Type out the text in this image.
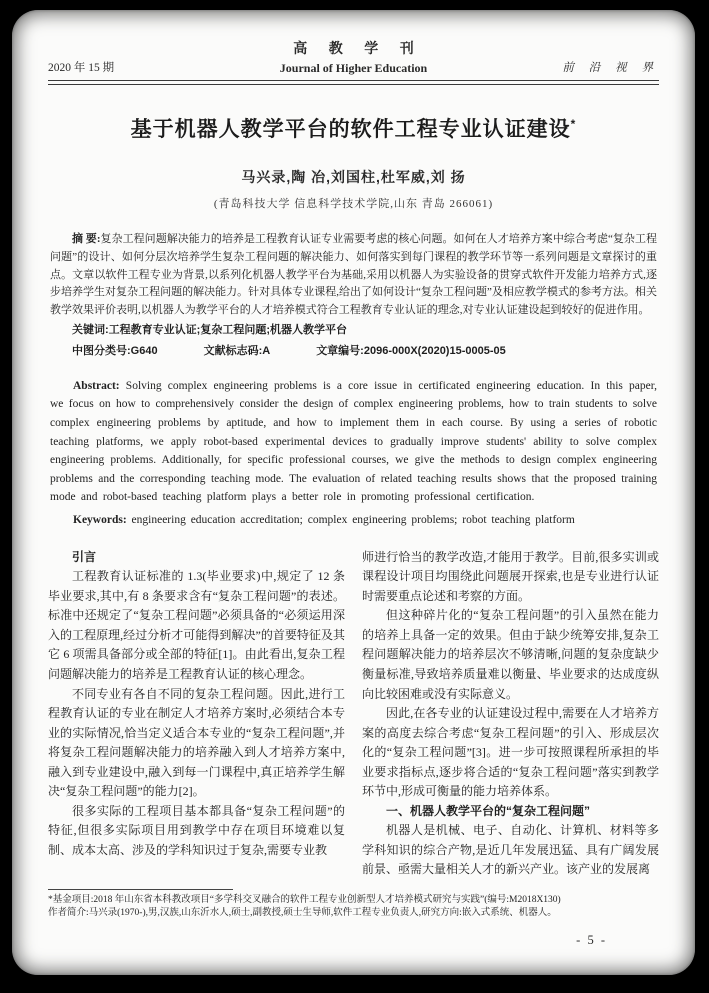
2020 年 15 期
高 教 学 刊
Journal of Higher Education	前 沿 视 界
基于机器人教学平台的软件工程专业认证建设*
马兴录,陶 冶,刘国柱,杜军威,刘 扬
(青岛科技大学 信息科学技术学院,山东 青岛 266061)

摘 要:复杂工程问题解决能力的培养是工程教育认证专业需要考虑的核心问题。如何在人才培养方案中综合考虑“复杂工程问题”的设计、如何分层次培养学生复杂工程问题的解决能力、如何落实到每门课程的教学环节等一系列问题是文章探讨的重点。文章以软件工程专业为背景,以系列化机器人教学平台为基础,采用以机器人为实验设备的贯穿式软件开发能力培养方式,逐步培养学生对复杂工程问题的解决能力。针对具体专业课程,给出了如何设计“复杂工程问题”及相应教学模式的参考方法。相关教学效果评价表明,以机器人为教学平台的人才培养模式符合工程教育专业认证的理念,对专业认证建设起到较好的促进作用。

关键词:工程教育专业认证;复杂工程问题;机器人教学平台

中图分类号:G640	文献标志码:A	文章编号:2096-000X(2020)15-0005-05

Abstract: Solving complex engineering problems is a core issue in certificated engineering education. In this paper, we focus on how to comprehensively consider the design of complex engineering problems, how to train students to solve complex engineering problems by aptitude, and how to implement them in each course. By using a series of robotic teaching platforms, we apply robot-based experimental devices to gradually improve students' ability to solve complex engineering problems. Additionally, for specific professional courses, we give the methods to design complex engineering problems and the corresponding teaching mode. The evaluation of related teaching results shows that the proposed training mode and robot-based teaching platform plays a better role in promoting professional certification.

Keywords: engineering education accreditation; complex engineering problems; robot teaching platform

引言

工程教育认证标准的 1.3(毕业要求)中,规定了 12 条毕业要求,其中,有 8 条要求含有“复杂工程问题”的表述。标准中还规定了“复杂工程问题”必须具备的“必须运用深入的工程原理,经过分析才可能得到解决”的首要特征及其它 6 项需具备部分或全部的特征[1]。由此看出,复杂工程问题解决能力的培养是工程教育认证的核心理念。

不同专业有各自不同的复杂工程问题。因此,进行工程教育认证的专业在制定人才培养方案时,必须结合本专业的实际情况,恰当定义适合本专业的“复杂工程问题”,并将复杂工程问题解决能力的培养融入到人才培养方案中,融入到专业建设中,融入到每一门课程中,真正培养学生解决“复杂工程问题”的能力[2]。

很多实际的工程项目基本都具备“复杂工程问题”的特征,但很多实际项目用到教学中存在项目环境难以复制、成本太高、涉及的学科知识过于复杂,需要专业教

师进行恰当的教学改造,才能用于教学。目前,很多实训或课程设计项目均围绕此问题展开探索,也是专业进行认证时需要重点论述和考察的方面。

但这种碎片化的“复杂工程问题”的引入虽然在能力的培养上具备一定的效果。但由于缺少统筹安排,复杂工程问题解决能力的培养层次不够清晰,问题的复杂度缺少衡量标准,导致培养质量难以衡量、毕业要求的达成度纵向比较困难或没有实际意义。

因此,在各专业的认证建设过程中,需要在人才培养方案的高度去综合考虑“复杂工程问题”的引入、形成层次化的“复杂工程问题”[3]。进一步可按照课程所承担的毕业要求指标点,逐步将合适的“复杂工程问题”落实到教学环节中,形成可衡量的能力培养体系。

一、机器人教学平台的“复杂工程问题”

机器人是机械、电子、自动化、计算机、材料等多学科知识的综合产物,是近几年发展迅猛、具有广阔发展前景、亟需大量相关人才的新兴产业。该产业的发展离

*基金项目:2018 年山东省本科教改项目“多学科交叉融合的软件工程专业创新型人才培养模式研究与实践”(编号:M2018X130)

作者简介:马兴录(1970-),男,汉族,山东沂水人,硕士,副教授,硕士生导师,软件工程专业负责人,研究方向:嵌入式系统、机器人。

- 5 -
